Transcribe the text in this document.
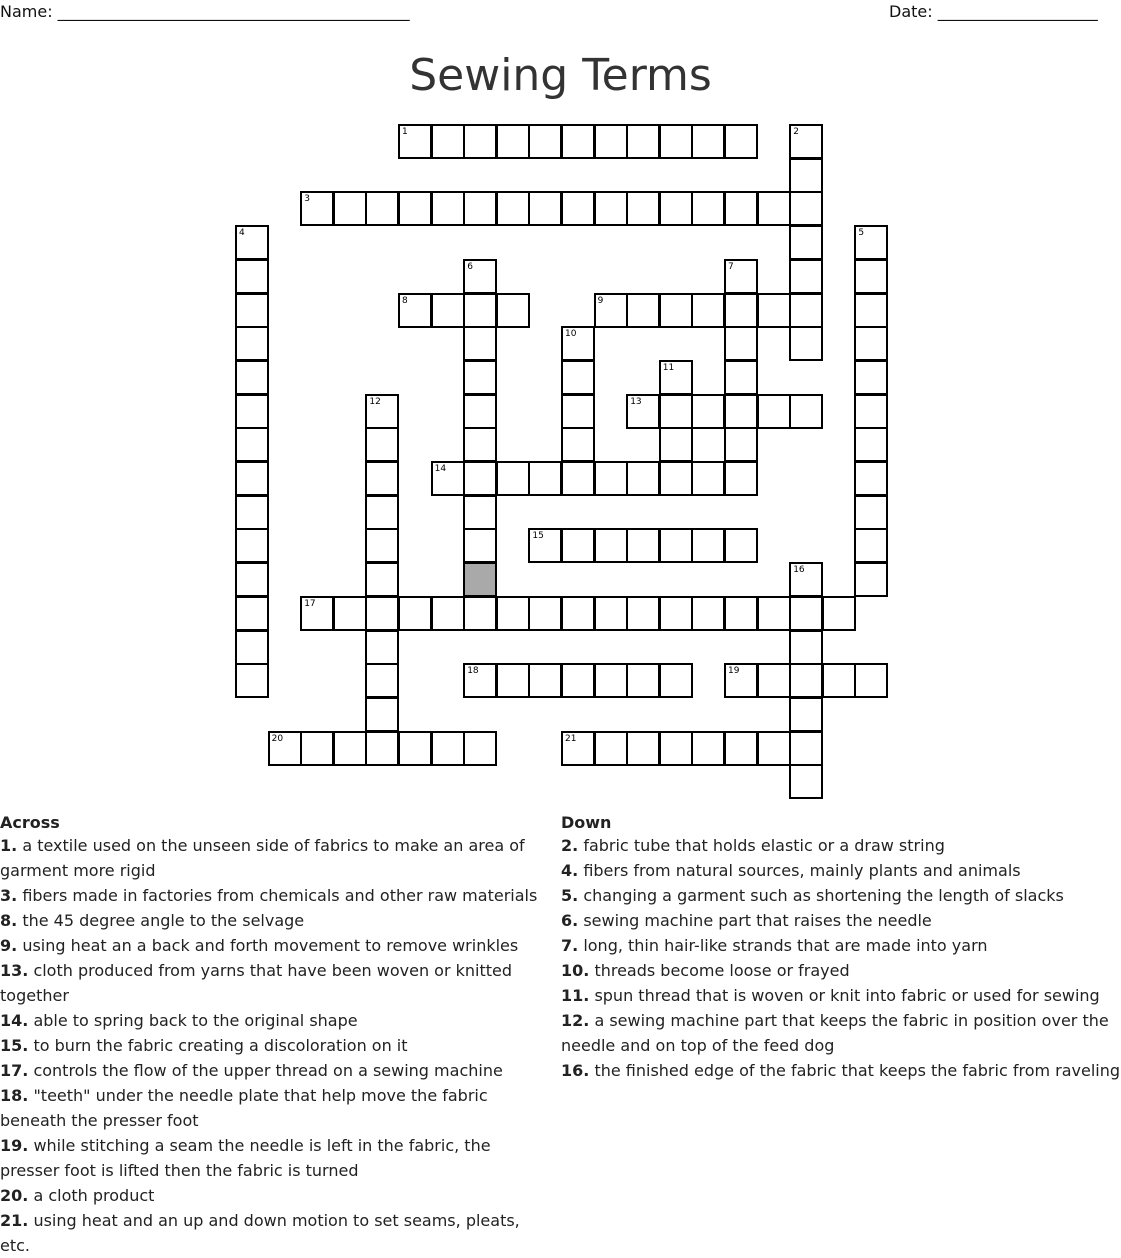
Name: ____________________________________________	Date: ____________________
Sewing Terms
1	2
3
4	5
6	7
8	9
10
11
12	13
14
15
16
17
18	19
20	21
Across

1. a textile used on the unseen side of fabrics to make an area of garment more rigid

3. fibers made in factories from chemicals and other raw materials

8. the 45 degree angle to the selvage

9. using heat an a back and forth movement to remove wrinkles

13. cloth produced from yarns that have been woven or knitted together

14. able to spring back to the original shape

15. to burn the fabric creating a discoloration on it

17. controls the flow of the upper thread on a sewing machine

18. "teeth" under the needle plate that help move the fabric beneath the presser foot

19. while stitching a seam the needle is left in the fabric, the presser foot is lifted then the fabric is turned

20. a cloth product

21. using heat and an up and down motion to set seams, pleats, etc.

Down

2. fabric tube that holds elastic or a draw string

4. fibers from natural sources, mainly plants and animals

5. changing a garment such as shortening the length of slacks

6. sewing machine part that raises the needle

7. long, thin hair-like strands that are made into yarn

10. threads become loose or frayed

11. spun thread that is woven or knit into fabric or used for sewing

12. a sewing machine part that keeps the fabric in position over the needle and on top of the feed dog

16. the finished edge of the fabric that keeps the fabric from raveling
